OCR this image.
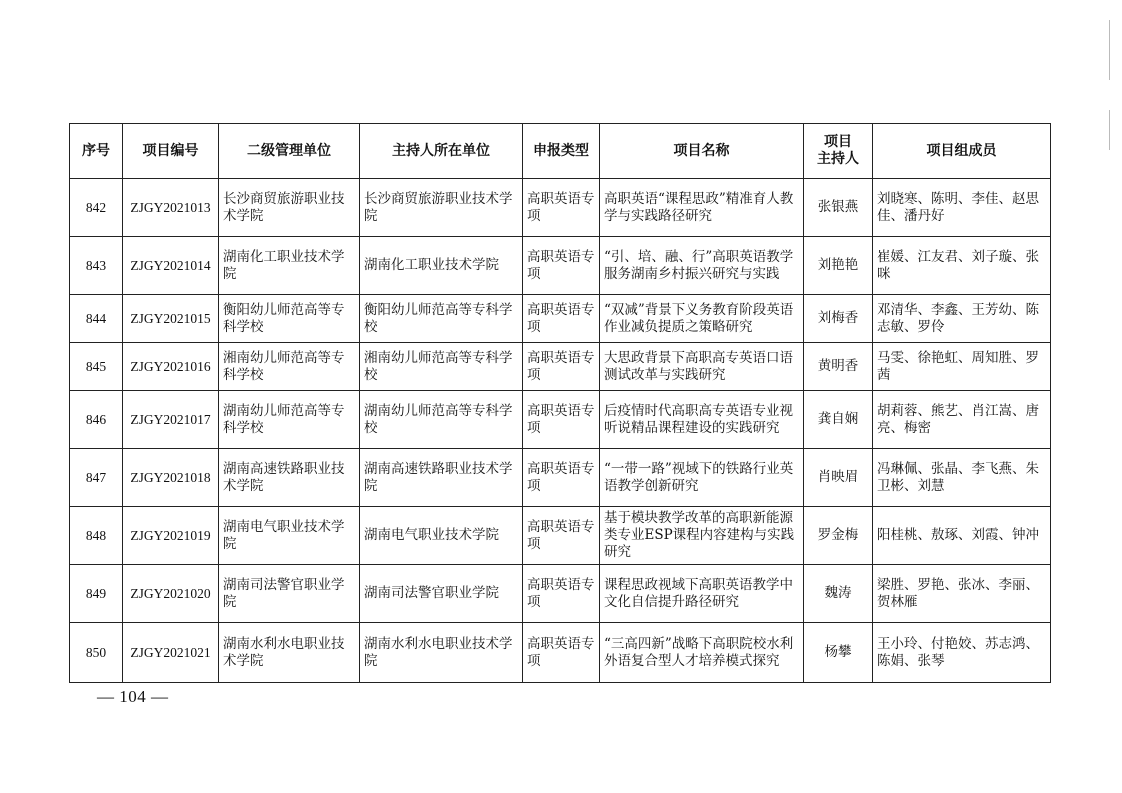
序号	项目编号	二级管理单位	主持人所在单位	申报类型	项目名称	项目
主持人	项目组成员
842	ZJGY2021013	长沙商贸旅游职业技术学院	长沙商贸旅游职业技术学院	高职英语专项	高职英语“课程思政”精准育人教学与实践路径研究	张银燕	刘晓寒、陈明、李佳、赵思佳、潘丹好
843	ZJGY2021014	湖南化工职业技术学院	湖南化工职业技术学院	高职英语专项	“引、培、融、行”高职英语教学服务湖南乡村振兴研究与实践	刘艳艳	崔媛、江友君、刘子璇、张咪
844	ZJGY2021015	衡阳幼儿师范高等专科学校	衡阳幼儿师范高等专科学校	高职英语专项	“双减”背景下义务教育阶段英语作业减负提质之策略研究	刘梅香	邓清华、李鑫、王芳幼、陈志敏、罗伶
845	ZJGY2021016	湘南幼儿师范高等专科学校	湘南幼儿师范高等专科学校	高职英语专项	大思政背景下高职高专英语口语测试改革与实践研究	黄明香	马雯、徐艳虹、周知胜、罗茜
846	ZJGY2021017	湖南幼儿师范高等专科学校	湖南幼儿师范高等专科学校	高职英语专项	后疫情时代高职高专英语专业视听说精品课程建设的实践研究	龚自娴	胡莉蓉、熊艺、肖江嵩、唐亮、梅密
847	ZJGY2021018	湖南高速铁路职业技术学院	湖南高速铁路职业技术学院	高职英语专项	“一带一路”视域下的铁路行业英语教学创新研究	肖映眉	冯琳佩、张晶、李飞燕、朱卫彬、刘慧
848	ZJGY2021019	湖南电气职业技术学院	湖南电气职业技术学院	高职英语专项	基于模块教学改革的高职新能源类专业ESP课程内容建构与实践研究	罗金梅	阳桂桃、敖琢、刘霞、钟冲
849	ZJGY2021020	湖南司法警官职业学院	湖南司法警官职业学院	高职英语专项	课程思政视域下高职英语教学中文化自信提升路径研究	魏涛	梁胜、罗艳、张冰、李丽、贺林雁
850	ZJGY2021021	湖南水利水电职业技术学院	湖南水利水电职业技术学院	高职英语专项	“三高四新”战略下高职院校水利外语复合型人才培养模式探究	杨攀	王小玲、付艳姣、苏志鸿、陈娟、张琴
— 104 —
